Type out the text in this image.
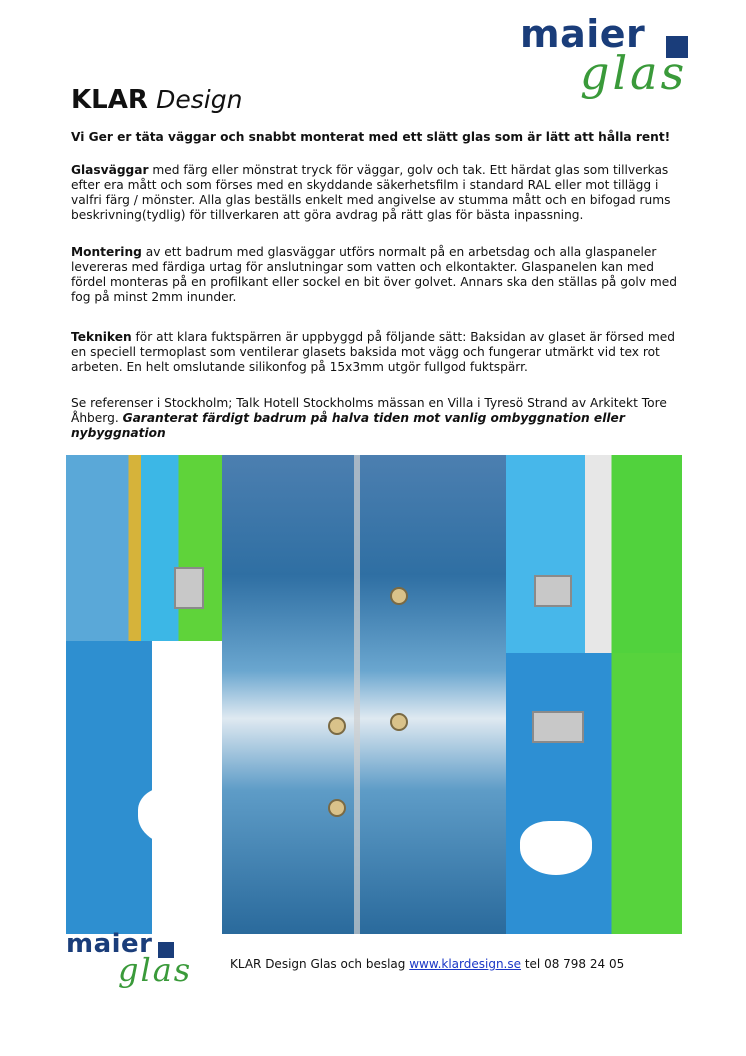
maier
glas
KLAR Design
Vi Ger er täta väggar och snabbt monterat med ett slätt glas som är lätt att hålla rent!
Glasväggar med färg eller mönstrat tryck för väggar, golv och tak. Ett härdat glas som tillverkas efter era mått och som förses med en skyddande säkerhetsfilm i standard RAL eller mot tillägg i valfri färg / mönster. Alla glas beställs enkelt med angivelse av stumma mått och en bifogad rums beskrivning(tydlig) för tillverkaren att göra avdrag på rätt glas för bästa inpassning.
Montering av ett badrum med glasväggar utförs normalt på en arbetsdag och alla glaspaneler levereras med färdiga urtag för anslutningar som vatten och elkontakter. Glaspanelen kan med fördel monteras på en profilkant eller sockel en bit över golvet. Annars ska den ställas på golv med fog på minst 2mm inunder.
Tekniken för att klara fuktspärren är uppbyggd på följande sätt: Baksidan av glaset är försed med en speciell termoplast som ventilerar glasets baksida mot vägg och fungerar utmärkt vid tex rot arbeten. En helt omslutande silikonfog på 15x3mm utgör fullgod fuktspärr.
Se referenser i Stockholm; Talk Hotell Stockholms mässan en Villa i Tyresö Strand av Arkitekt Tore Åhberg. Garanterat färdigt badrum på halva tiden mot vanlig ombyggnation eller nybyggnation
maier
glas	KLAR Design Glas och beslag www.klardesign.se tel 08 798 24 05
